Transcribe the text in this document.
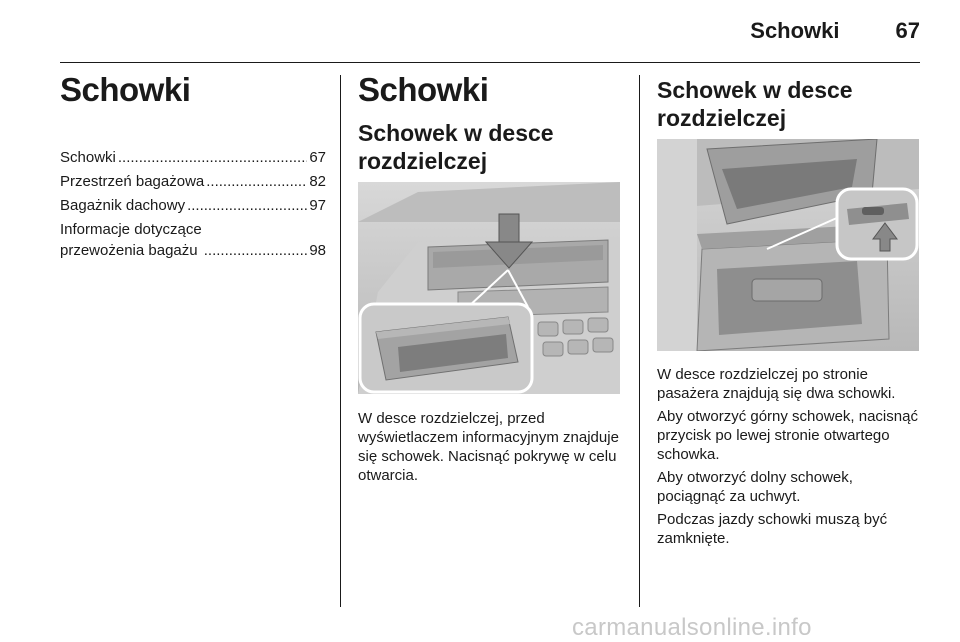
Schowki	67
Schowki
Schowki .....	67
Przestrzeń bagażowa .....	82
Bagażnik dachowy .....	97
Informacje dotyczące
przewożenia bagażu .....	98
Schowki
Schowek w desce rozdzielczej

W desce rozdzielczej, przed wyświetlaczem informacyjnym znajduje się schowek. Nacisnąć pokrywę w celu otwarcia.

Schowek w desce rozdzielczej

W desce rozdzielczej po stronie pasażera znajdują się dwa schowki.

Aby otworzyć górny schowek, nacisnąć przycisk po lewej stronie otwartego schowka.

Aby otworzyć dolny schowek, pociągnąć za uchwyt.

Podczas jazdy schowki muszą być zamknięte.

carmanualsonline.info
